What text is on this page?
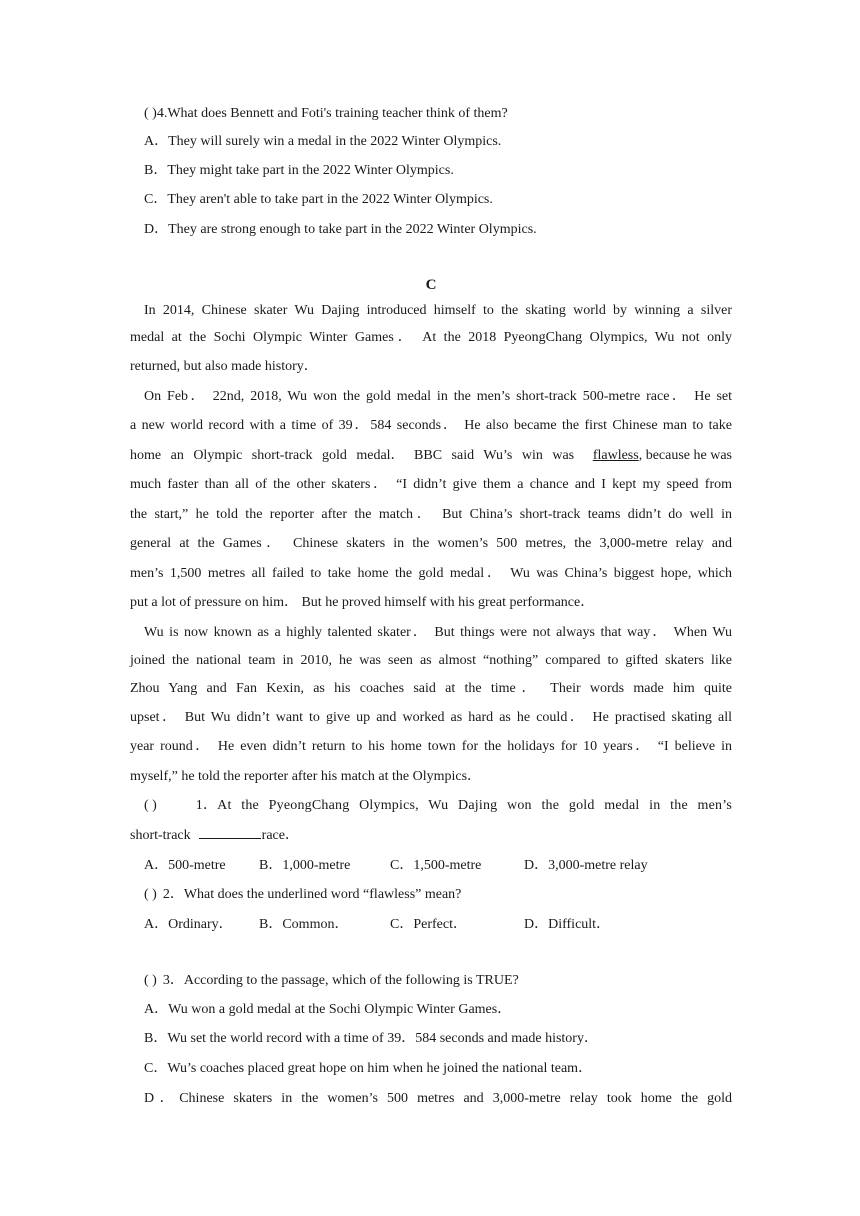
( )4.What does Bennett and Foti's training teacher think of them?
A．They will surely win a medal in the 2022 Winter Olympics.
B．They might take part in the 2022 Winter Olympics.
C．They aren't able to take part in the 2022 Winter Olympics.
D．They are strong enough to take part in the 2022 Winter Olympics.
C
In 2014, Chinese skater Wu Dajing introduced himself to the skating world by winning a silver
medal at the Sochi Olympic Winter Games． At the 2018 PyeongChang Olympics, Wu not only
returned, but also made history．
On Feb． 22nd, 2018, Wu won the gold medal in the men’s short-track 500-metre race． He set
a new world record with a time of 39．584 seconds． He also became the first Chinese man to take
home an Olympic short-track gold medal． BBC said Wu’s win was flawless, because he was
much faster than all of the other skaters． “I didn’t give them a chance and I kept my speed from
the start,” he told the reporter after the match． But China’s short-track teams didn’t do well in
general at the Games． Chinese skaters in the women’s 500 metres, the 3,000-metre relay and
men’s 1,500 metres all failed to take home the gold medal． Wu was China’s biggest hope, which
put a lot of pressure on him． But he proved himself with his great performance．
Wu is now known as a highly talented skater． But things were not always that way． When Wu
joined the national team in 2010, he was seen as almost “nothing” compared to gifted skaters like
Zhou Yang and Fan Kexin, as his coaches said at the time． Their words made him quite
upset． But Wu didn’t want to give up and worked as hard as he could． He practised skating all
year round． He even didn’t return to his home town for the holidays for 10 years． “I believe in
myself,” he told the reporter after his match at the Olympics．
( )	1．At the PyeongChang Olympics, Wu Dajing won the gold medal in the men’s
short-track	race．
A．500-metre B．1,000-metre	C．1,500-metre	D．3,000-metre relay
( ) 2．What does the underlined word “flawless” mean?
A．Ordinary． B．Common．	C．Perfect．	D．Difficult．
( ) 3．According to the passage, which of the following is TRUE?
A．Wu won a gold medal at the Sochi Olympic Winter Games．
B．Wu set the world record with a time of 39．584 seconds and made history．
C．Wu’s coaches placed great hope on him when he joined the national team．
D．Chinese skaters in the women’s 500 metres and 3,000-metre relay took home the gold
